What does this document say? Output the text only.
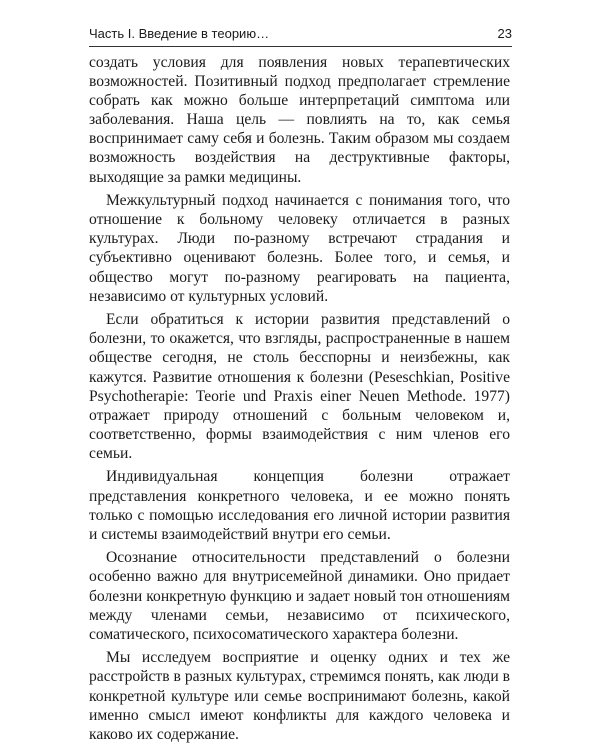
Часть I. Введение в теорию…	23

создать условия для появления новых терапевтических возможностей. Позитивный подход предполагает стремление собрать как можно больше интерпретаций симптома или заболевания. Наша цель — повлиять на то, как семья воспринимает саму себя и болезнь. Таким образом мы создаем возможность воздействия на деструктивные факторы, выходящие за рамки медицины.

Межкультурный подход начинается с понимания того, что отношение к больному человеку отличается в разных культурах. Люди по-разному встречают страдания и субъективно оценивают болезнь. Более того, и семья, и общество могут по-разному реагировать на пациента, независимо от культурных условий.

Если обратиться к истории развития представлений о болезни, то окажется, что взгляды, распространенные в нашем обществе сегодня, не столь бесспорны и неизбежны, как кажутся. Развитие отношения к болезни (Peseschkian, Positive Psychotherapie: Teorie und Praxis einer Neuen Methode. 1977) отражает природу отношений с больным человеком и, соответственно, формы взаимодействия с ним членов его семьи.

Индивидуальная концепция болезни отражает представления конкретного человека, и ее можно понять только с помощью исследования его личной истории развития и системы взаимодействий внутри его семьи.

Осознание относительности представлений о болезни особенно важно для внутрисемейной динамики. Оно придает болезни конкретную функцию и задает новый тон отношениям между членами семьи, независимо от психического, соматического, психосоматического характера болезни.

Мы исследуем восприятие и оценку одних и тех же расстройств в разных культурах, стремимся понять, как люди в конкретной культуре или семье воспринимают болезнь, какой именно смысл имеют конфликты для каждого человека и каково их содержание.
